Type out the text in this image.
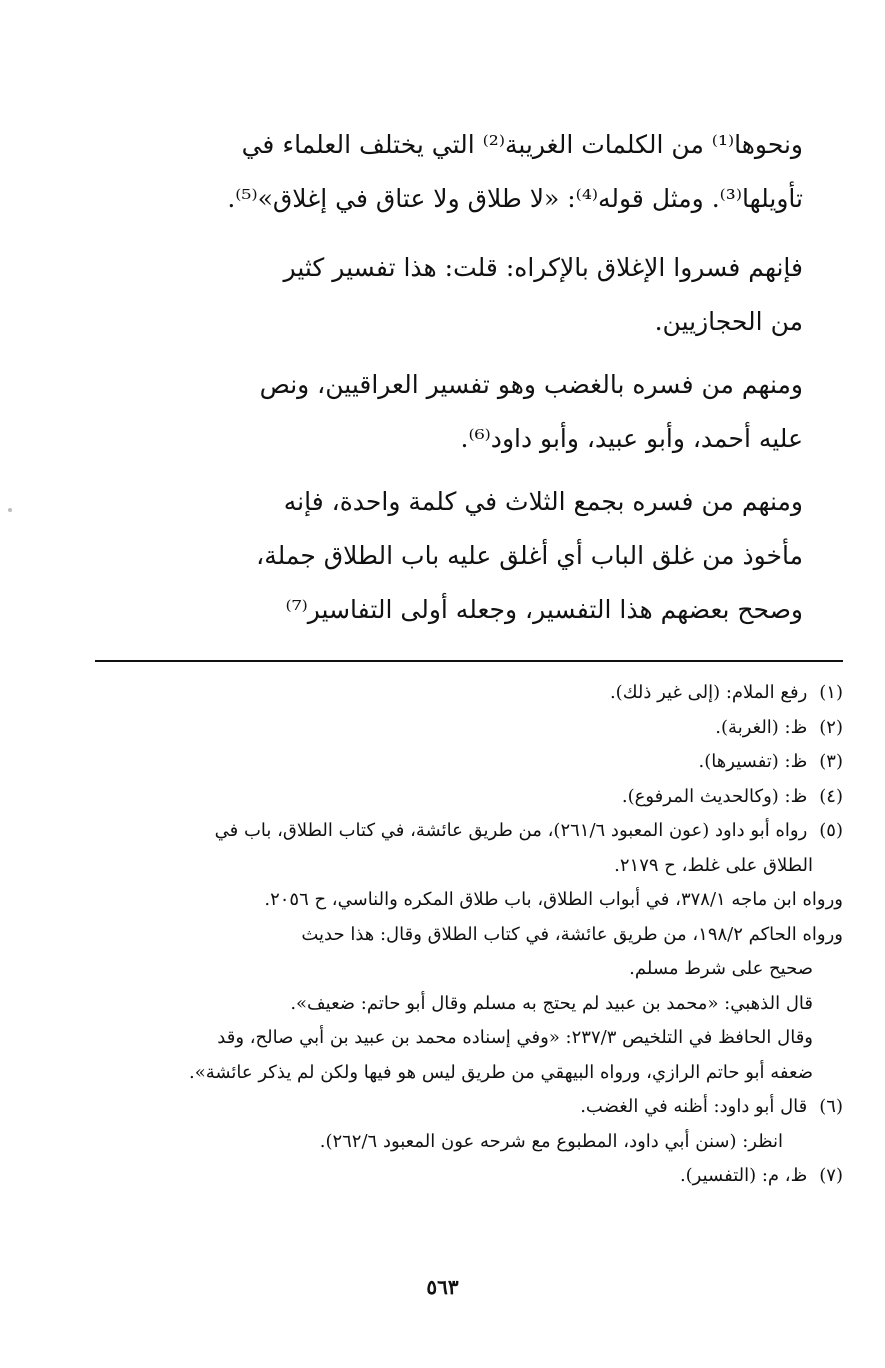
ونحوها⁽¹⁾ من الكلمات الغريبة⁽²⁾ التي يختلف العلماء في
تأويلها⁽³⁾. ومثل قوله⁽⁴⁾: «لا طلاق ولا عتاق في إغلاق»⁽⁵⁾.
فإنهم فسروا الإغلاق بالإكراه: قلت: هذا تفسير كثير
من الحجازيين.
ومنهم من فسره بالغضب وهو تفسير العراقيين، ونص
عليه أحمد، وأبو عبيد، وأبو داود⁽⁶⁾.
ومنهم من فسره بجمع الثلاث في كلمة واحدة، فإنه
مأخوذ من غلق الباب أي أغلق عليه باب الطلاق جملة،
وصحح بعضهم هذا التفسير، وجعله أولى التفاسير⁽⁷⁾
(١) رفع الملام: (إلى غير ذلك).
(٢) ظ: (الغربة).
(٣) ظ: (تفسيرها).
(٤) ظ: (وكالحديث المرفوع).
(٥) رواه أبو داود (عون المعبود ٢٦١/٦)، من طريق عائشة، في كتاب الطلاق، باب في
الطلاق على غلط، ح ٢١٧٩.
ورواه ابن ماجه ٣٧٨/١، في أبواب الطلاق، باب طلاق المكره والناسي، ح ٢٠٥٦.
ورواه الحاكم ١٩٨/٢، من طريق عائشة، في كتاب الطلاق وقال: هذا حديث
صحيح على شرط مسلم.
قال الذهبي: «محمد بن عبيد لم يحتج به مسلم وقال أبو حاتم: ضعيف».
وقال الحافظ في التلخيص ٢٣٧/٣: «وفي إسناده محمد بن عبيد بن أبي صالح، وقد
ضعفه أبو حاتم الرازي، ورواه البيهقي من طريق ليس هو فيها ولكن لم يذكر عائشة».
(٦) قال أبو داود: أظنه في الغضب.
انظر: (سنن أبي داود، المطبوع مع شرحه عون المعبود ٢٦٢/٦).
(٧) ظ، م: (التفسير).
٥٦٣
